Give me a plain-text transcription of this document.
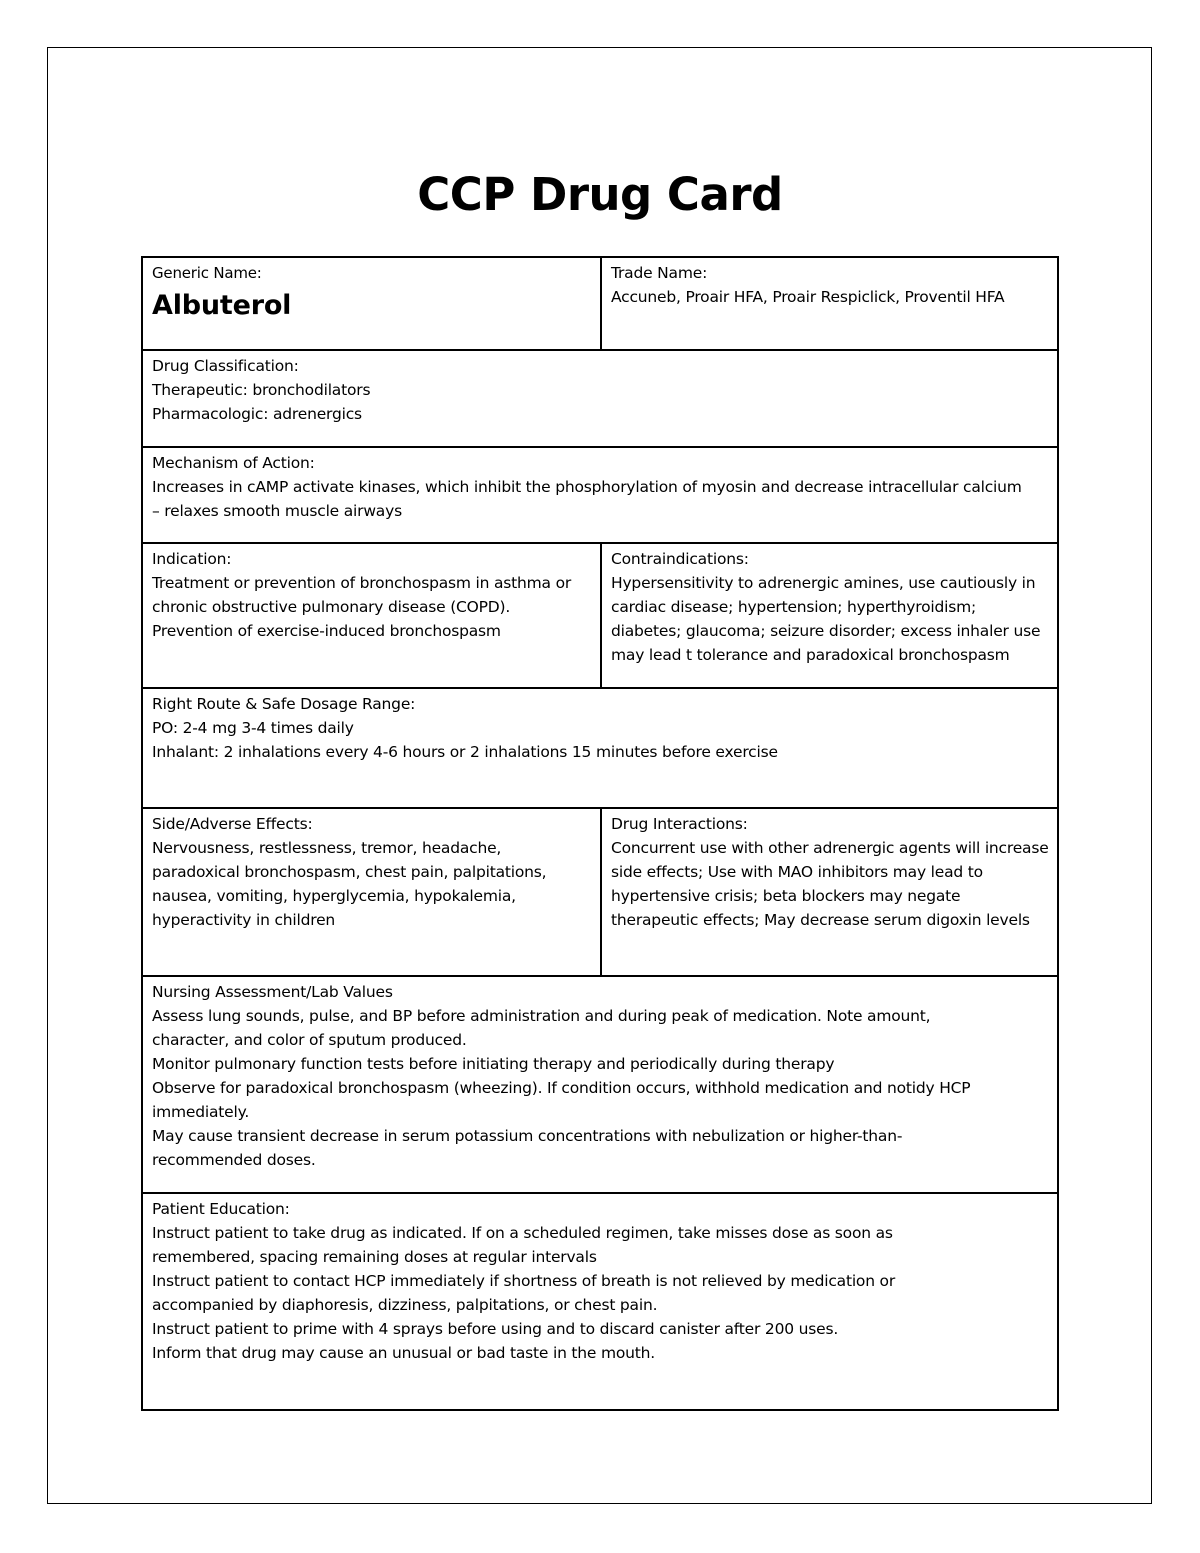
CCP Drug Card
Generic Name:
Albuterol
Trade Name:
Accuneb, Proair HFA, Proair Respiclick, Proventil HFA
Drug Classification:
Therapeutic: bronchodilators
Pharmacologic: adrenergics
Mechanism of Action:
Increases in cAMP activate kinases, which inhibit the phosphorylation of myosin and decrease intracellular calcium – relaxes smooth muscle airways
Indication:
Treatment or prevention of bronchospasm in asthma or chronic obstructive pulmonary disease (COPD).
Prevention of exercise-induced bronchospasm
Contraindications:
Hypersensitivity to adrenergic amines, use cautiously in cardiac disease; hypertension; hyperthyroidism; diabetes; glaucoma; seizure disorder; excess inhaler use may lead t tolerance and paradoxical bronchospasm
Right Route & Safe Dosage Range:
PO: 2-4 mg 3-4 times daily
Inhalant: 2 inhalations every 4-6 hours or 2 inhalations 15 minutes before exercise
Side/Adverse Effects:
Nervousness, restlessness, tremor, headache, paradoxical bronchospasm, chest pain, palpitations, nausea, vomiting, hyperglycemia, hypokalemia, hyperactivity in children
Drug Interactions:
Concurrent use with other adrenergic agents will increase side effects; Use with MAO inhibitors may lead to hypertensive crisis; beta blockers may negate therapeutic effects; May decrease serum digoxin levels
Nursing Assessment/Lab Values
Assess lung sounds, pulse, and BP before administration and during peak of medication. Note amount, character, and color of sputum produced.
Monitor pulmonary function tests before initiating therapy and periodically during therapy
Observe for paradoxical bronchospasm (wheezing). If condition occurs, withhold medication and notidy HCP immediately.
May cause transient decrease in serum potassium concentrations with nebulization or higher-than-recommended doses.
Patient Education:
Instruct patient to take drug as indicated. If on a scheduled regimen, take misses dose as soon as remembered, spacing remaining doses at regular intervals
Instruct patient to contact HCP immediately if shortness of breath is not relieved by medication or accompanied by diaphoresis, dizziness, palpitations, or chest pain.
Instruct patient to prime with 4 sprays before using and to discard canister after 200 uses.
Inform that drug may cause an unusual or bad taste in the mouth.
